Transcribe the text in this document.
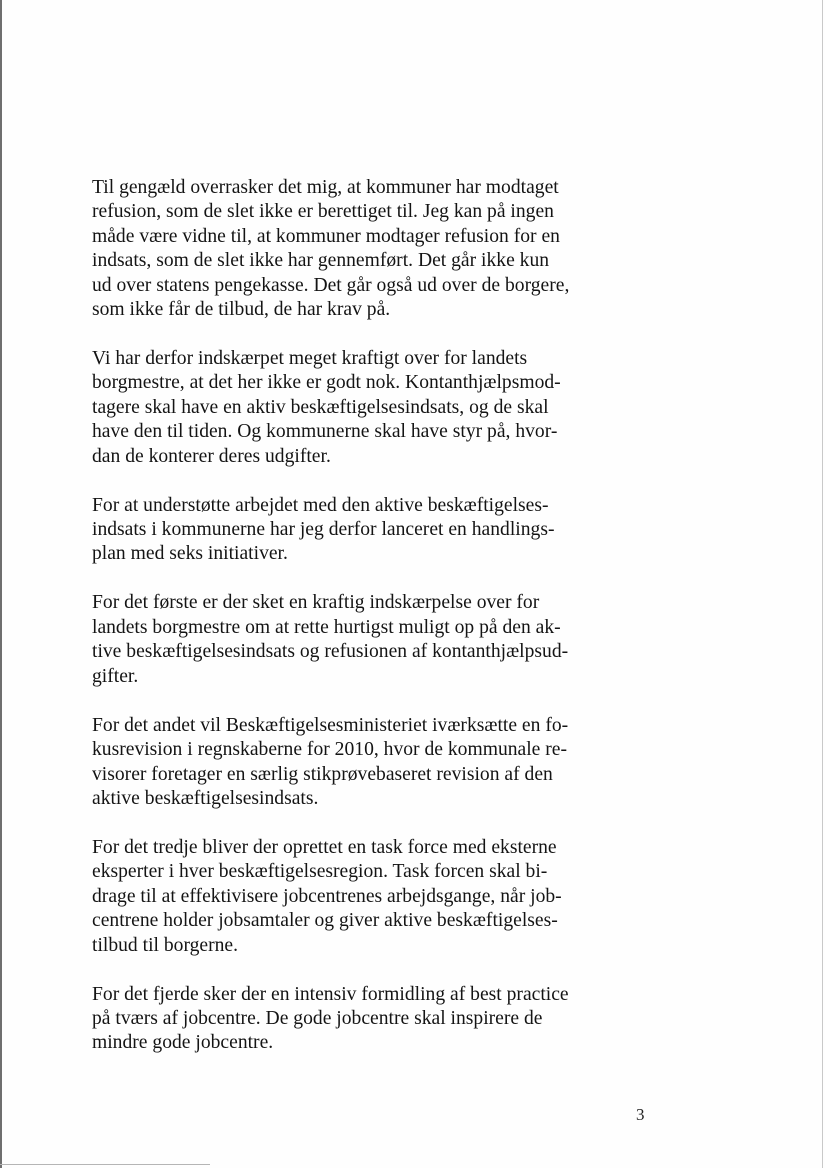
Til gengæld overrasker det mig, at kommuner har modtaget
refusion, som de slet ikke er berettiget til. Jeg kan på ingen
måde være vidne til, at kommuner modtager refusion for en
indsats, som de slet ikke har gennemført. Det går ikke kun
ud over statens pengekasse. Det går også ud over de borgere,
som ikke får de tilbud, de har krav på.

Vi har derfor indskærpet meget kraftigt over for landets
borgmestre, at det her ikke er godt nok. Kontanthjælpsmod-
tagere skal have en aktiv beskæftigelsesindsats, og de skal
have den til tiden. Og kommunerne skal have styr på, hvor-
dan de konterer deres udgifter.

For at understøtte arbejdet med den aktive beskæftigelses-
indsats i kommunerne har jeg derfor lanceret en handlings-
plan med seks initiativer.

For det første er der sket en kraftig indskærpelse over for
landets borgmestre om at rette hurtigst muligt op på den ak-
tive beskæftigelsesindsats og refusionen af kontanthjælpsud-
gifter.

For det andet vil Beskæftigelsesministeriet iværksætte en fo-
kusrevision i regnskaberne for 2010, hvor de kommunale re-
visorer foretager en særlig stikprøvebaseret revision af den
aktive beskæftigelsesindsats.

For det tredje bliver der oprettet en task force med eksterne
eksperter i hver beskæftigelsesregion. Task forcen skal bi-
drage til at effektivisere jobcentrenes arbejdsgange, når job-
centrene holder jobsamtaler og giver aktive beskæftigelses-
tilbud til borgerne.

For det fjerde sker der en intensiv formidling af best practice
på tværs af jobcentre. De gode jobcentre skal inspirere de
mindre gode jobcentre.

3
